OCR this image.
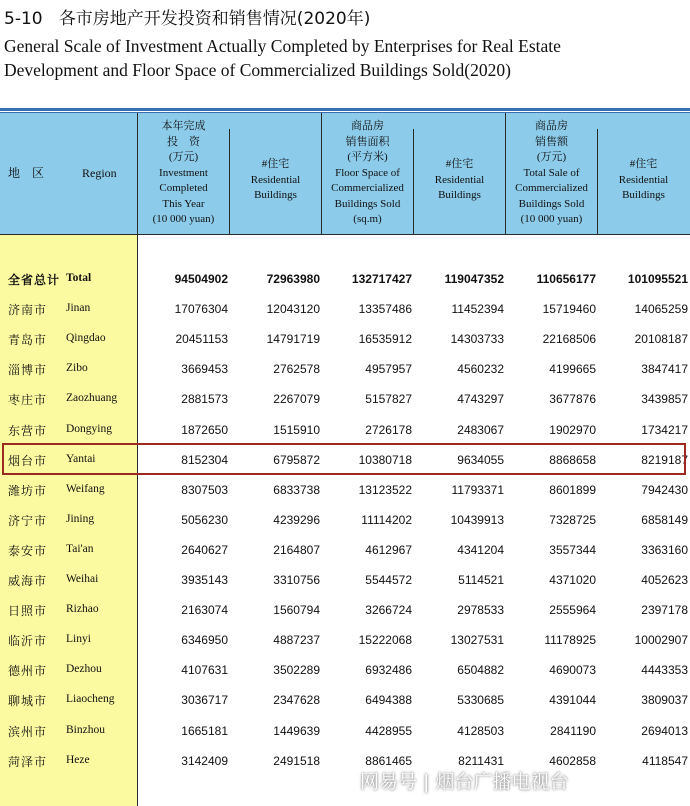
5-10 各市房地产开发投资和销售情况(2020年)
General Scale of Investment Actually Completed by Enterprises for Real Estate
Development and Floor Space of Commercialized Buildings Sold(2020)
地　区	Region
本年完成
投　资
(万元)
Investment
Completed
This Year
(10 000 yuan)
#住宅
Residential
Buildings
商品房
销售面积
(平方米)
Floor Space of
Commercialized
Buildings Sold
(sq.m)
#住宅
Residential
Buildings
商品房
销售额
(万元)
Total Sale of
Commercialized
Buildings Sold
(10 000 yuan)
#住宅
Residential
Buildings
全省总计 Total	94504902	72963980	132717427	119047352	110656177	101095521
济南市 Jinan	17076304	12043120	13357486	11452394	15719460	14065259
青岛市 Qingdao	20451153	14791719	16535912	14303733	22168506	20108187
淄博市 Zibo	3669453	2762578	4957957	4560232	4199665	3847417
枣庄市 Zaozhuang	2881573	2267079	5157827	4743297	3677876	3439857
东营市 Dongying	1872650	1515910	2726178	2483067	1902970	1734217
烟台市 Yantai	8152304	6795872	10380718	9634055	8868658	8219187
潍坊市 Weifang	8307503	6833738	13123522	11793371	8601899	7942430
济宁市 Jining	5056230	4239296	11114202	10439913	7328725	6858149
泰安市 Tai'an	2640627	2164807	4612967	4341204	3557344	3363160
威海市 Weihai	3935143	3310756	5544572	5114521	4371020	4052623
日照市 Rizhao	2163074	1560794	3266724	2978533	2555964	2397178
临沂市 Linyi	6346950	4887237	15222068	13027531	11178925	10002907
德州市 Dezhou	4107631	3502289	6932486	6504882	4690073	4443353
聊城市 Liaocheng	3036717	2347628	6494388	5330685	4391044	3809037
滨州市 Binzhou	1665181	1449639	4428955	4128503	2841190	2694013
菏泽市 Heze	3142409	2491518	8861465	8211431	4602858	4118547
网易号 | 烟台广播电视台
